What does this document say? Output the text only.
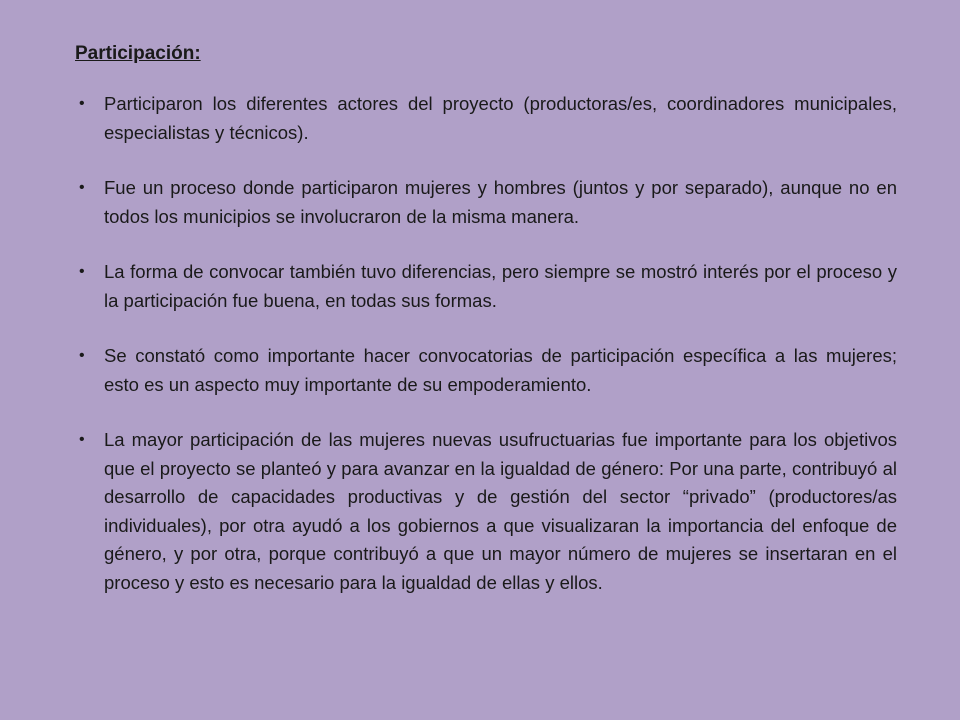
Participación:
• Participaron los diferentes actores del proyecto (productoras/es, coordinadores municipales, especialistas y técnicos).
• Fue un proceso donde participaron mujeres y hombres (juntos y por separado), aunque no en todos los municipios se involucraron de la misma manera.
• La forma de convocar también tuvo diferencias, pero siempre se mostró interés por el proceso y la participación fue buena, en todas sus formas.
• Se constató como importante hacer convocatorias de participación específica a las mujeres; esto es un aspecto muy importante de su empoderamiento.
• La mayor participación de las mujeres nuevas usufructuarias fue importante para los objetivos que el proyecto se planteó y para avanzar en la igualdad de género: Por una parte, contribuyó al desarrollo de capacidades productivas y de gestión del sector “privado” (productores/as individuales), por otra ayudó a los gobiernos a que visualizaran la importancia del enfoque de género, y por otra, porque contribuyó a que un mayor número de mujeres se insertaran en el proceso y esto es necesario para la igualdad de ellas y ellos.
